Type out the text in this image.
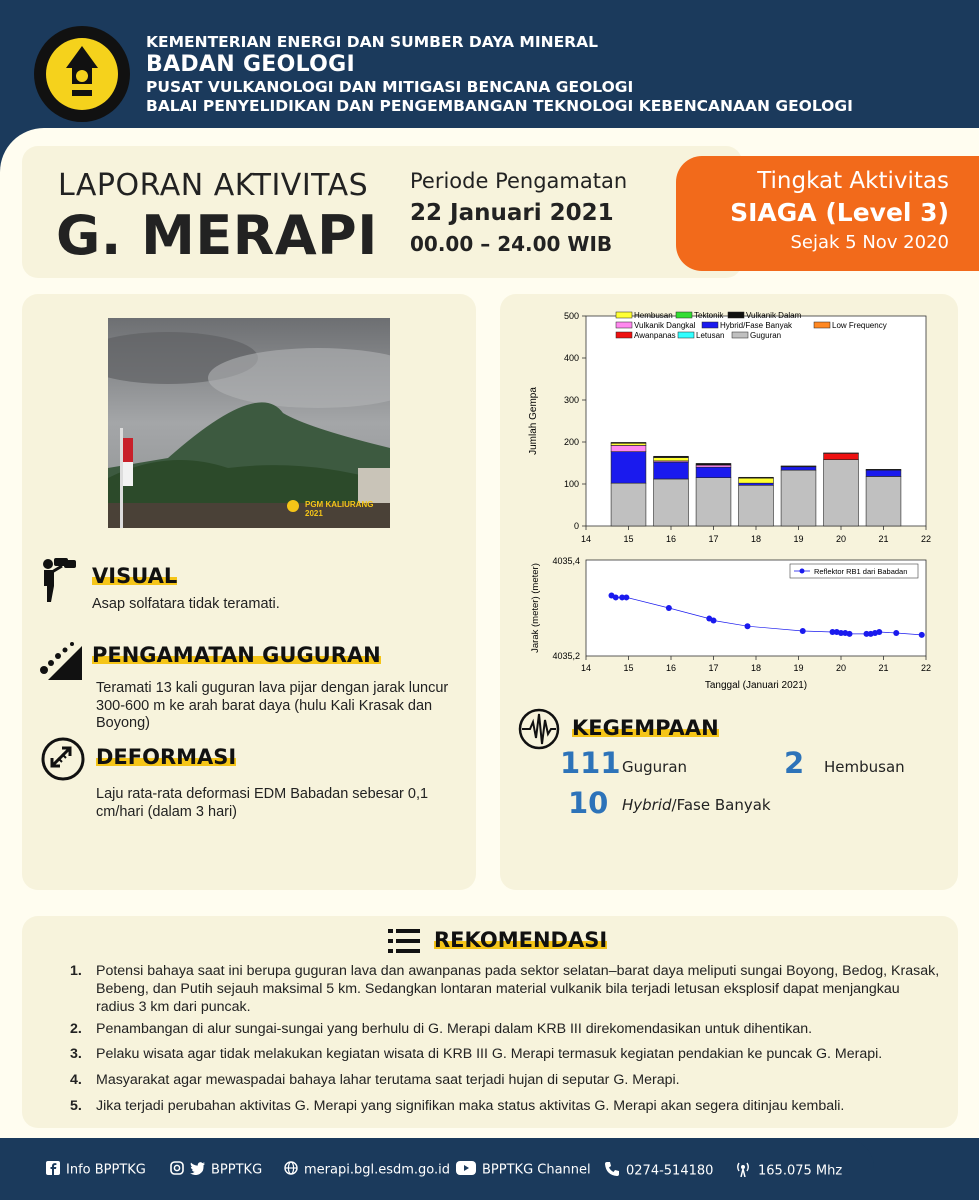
KEMENTERIAN ENERGI DAN SUMBER DAYA MINERAL
BADAN GEOLOGI
PUSAT VULKANOLOGI DAN MITIGASI BENCANA GEOLOGI
BALAI PENYELIDIKAN DAN PENGEMBANGAN TEKNOLOGI KEBENCANAAN GEOLOGI
LAPORAN AKTIVITAS
G. MERAPI
Periode Pengamatan
22 Januari 2021
00.00 – 24.00 WIB
Tingkat Aktivitas
SIAGA (Level 3)
Sejak 5 Nov 2020
PGM KALIURANG 2021
VISUAL
Asap solfatara tidak teramati.
PENGAMATAN GUGURAN
Teramati 13 kali guguran lava pijar dengan jarak luncur 300-600 m ke arah barat daya (hulu Kali Krasak dan Boyong)
DEFORMASI
Laju rata-rata deformasi EDM Babadan sebesar 0,1 cm/hari (dalam 3 hari)
0
100
200
300
400
500
14	15	16	17	18	19	20	21	22
Jumlah Gempa
Hembusan	Tektonik	Vulkanik Dalam
Vulkanik Dangkal	Hybrid/Fase Banyak	Low Frequency
Awanpanas	Letusan	Guguran
4035,4
4035,2
14	15	16	17	18	19	20	21	22
Tanggal (Januari 2021)
Jarak (meter) (meter)	Reflektor RB1 dari Babadan
KEGEMPAAN
111 Guguran	2 Hembusan
10 Hybrid/Fase Banyak
REKOMENDASI
1. Potensi bahaya saat ini berupa guguran lava dan awanpanas pada sektor selatan–barat daya meliputi sungai Boyong, Bedog, Krasak, Bebeng, dan Putih sejauh maksimal 5 km. Sedangkan lontaran material vulkanik bila terjadi letusan eksplosif dapat menjangkau radius 3 km dari puncak.
2. Penambangan di alur sungai-sungai yang berhulu di G. Merapi dalam KRB III direkomendasikan untuk dihentikan.
3. Pelaku wisata agar tidak melakukan kegiatan wisata di KRB III G. Merapi termasuk kegiatan pendakian ke puncak G. Merapi.
4. Masyarakat agar mewaspadai bahaya lahar terutama saat terjadi hujan di seputar G. Merapi.
5. Jika terjadi perubahan aktivitas G. Merapi yang signifikan maka status aktivitas G. Merapi akan segera ditinjau kembali.
Info BPPTKG	BPPTKG	merapi.bgl.esdm.go.id	BPPTKG Channel	0274-514180	165.075 Mhz
